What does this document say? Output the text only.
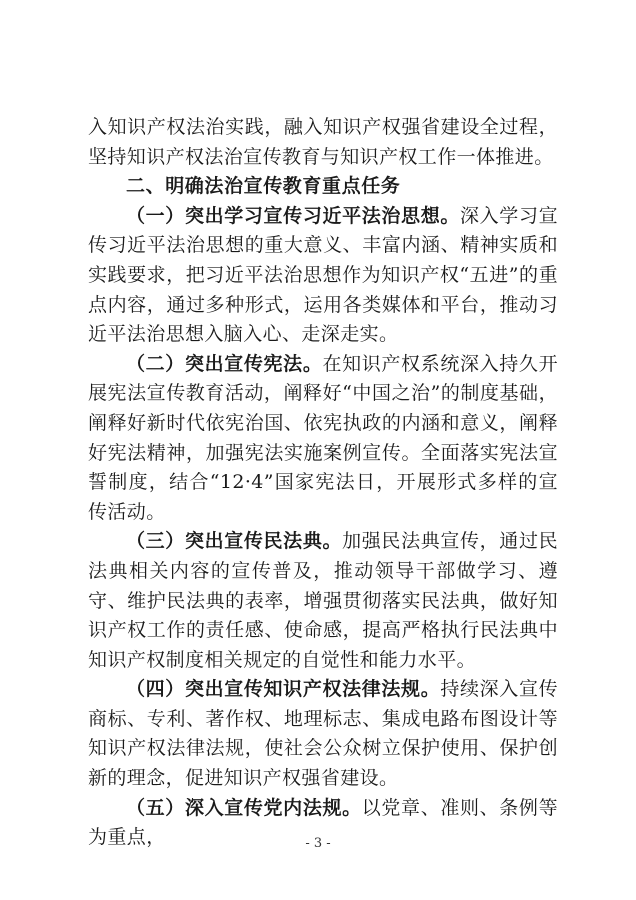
入知识产权法治实践，融入知识产权强省建设全过程，坚持知识产权法治宣传教育与知识产权工作一体推进。

二、明确法治宣传教育重点任务

（一）突出学习宣传习近平法治思想。深入学习宣传习近平法治思想的重大意义、丰富内涵、精神实质和实践要求，把习近平法治思想作为知识产权“五进”的重点内容，通过多种形式，运用各类媒体和平台，推动习近平法治思想入脑入心、走深走实。

（二）突出宣传宪法。在知识产权系统深入持久开展宪法宣传教育活动，阐释好“中国之治”的制度基础，阐释好新时代依宪治国、依宪执政的内涵和意义，阐释好宪法精神，加强宪法实施案例宣传。全面落实宪法宣誓制度，结合“12·4”国家宪法日，开展形式多样的宣传活动。

（三）突出宣传民法典。加强民法典宣传，通过民法典相关内容的宣传普及，推动领导干部做学习、遵守、维护民法典的表率，增强贯彻落实民法典，做好知识产权工作的责任感、使命感，提高严格执行民法典中知识产权制度相关规定的自觉性和能力水平。

（四）突出宣传知识产权法律法规。持续深入宣传商标、专利、著作权、地理标志、集成电路布图设计等知识产权法律法规，使社会公众树立保护使用、保护创新的理念，促进知识产权强省建设。

（五）深入宣传党内法规。以党章、准则、条例等为重点，	- 3 -
